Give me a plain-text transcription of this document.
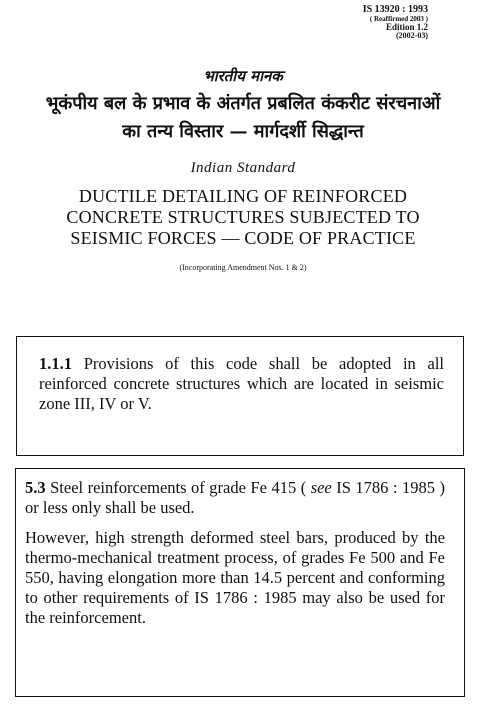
IS 13920 : 1993
( Reaffirmed 2003 )
Edition 1.2
(2002-03)
भारतीय मानक
भूकंपीय बल के प्रभाव के अंतर्गत प्रबलित कंकरीट संरचनाओं
का तन्य विस्तार — मार्गदर्शी सिद्धान्त
Indian Standard
DUCTILE DETAILING OF REINFORCED
CONCRETE STRUCTURES SUBJECTED TO
SEISMIC FORCES — CODE OF PRACTICE
(Incorporating Amendment Nos. 1 & 2)

1.1.1 Provisions of this code shall be adopted in all reinforced concrete structures which are located in seismic zone III, IV or V.

5.3 Steel reinforcements of grade Fe 415 ( see IS 1786 : 1985 ) or less only shall be used.

However, high strength deformed steel bars, produced by the thermo-mechanical treatment process, of grades Fe 500 and Fe 550, having elongation more than 14.5 percent and conforming to other requirements of IS 1786 : 1985 may also be used for the reinforcement.
